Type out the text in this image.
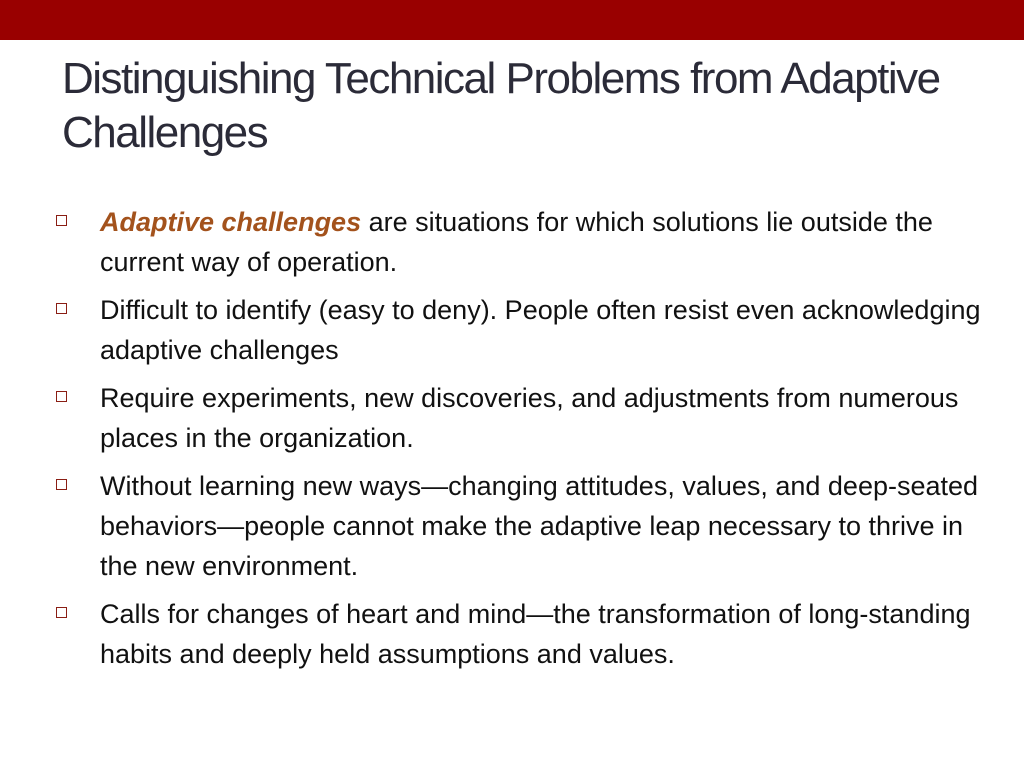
Distinguishing Technical Problems from Adaptive Challenges
Adaptive challenges are situations for which solutions lie outside the current way of operation.
Difficult to identify (easy to deny). People often resist even acknowledging adaptive challenges
Require experiments, new discoveries, and adjustments from numerous places in the organization.
Without learning new ways—changing attitudes, values, and deep-seated behaviors—people cannot make the adaptive leap necessary to thrive in the new environment.
Calls for changes of heart and mind—the transformation of long-standing habits and deeply held assumptions and values.
